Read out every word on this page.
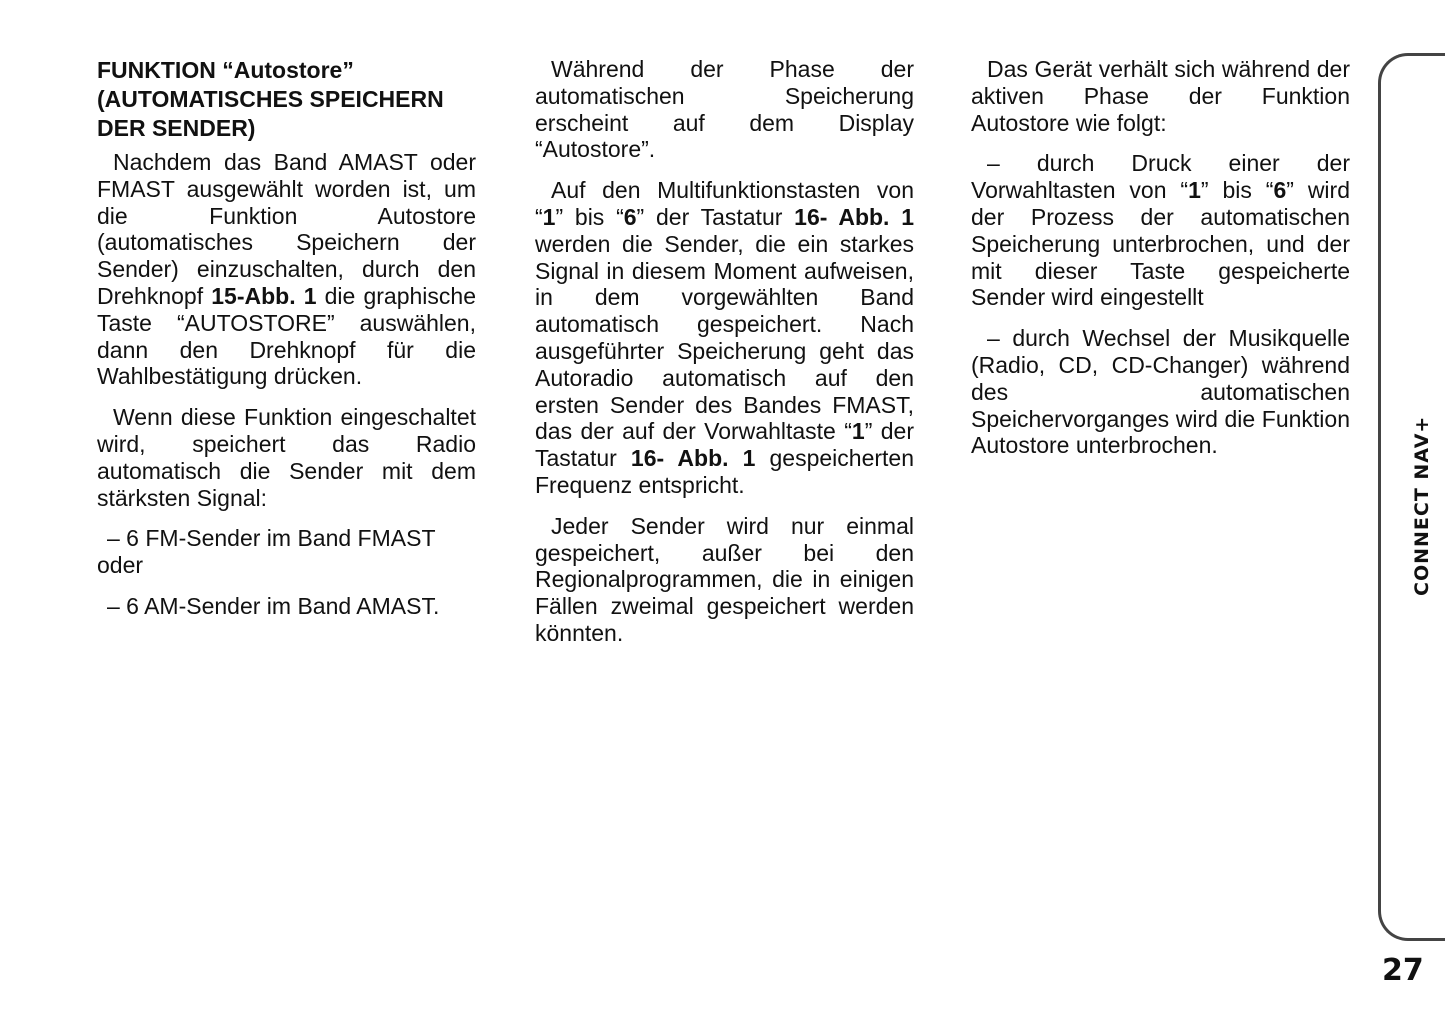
FUNKTION “Autostore” (AUTOMATISCHES SPEICHERN DER SENDER)

Nachdem das Band AMAST oder FMAST ausgewählt worden ist, um die Funktion Autostore (automatisches Speichern der Sender) einzuschalten, durch den Drehknopf 15-Abb. 1 die graphische Taste “AUTOSTORE” auswählen, dann den Drehknopf für die Wahlbestätigung drücken.

Wenn diese Funktion eingeschaltet wird, speichert das Radio automatisch die Sender mit dem stärksten Signal:

– 6 FM-Sender im Band FMAST oder

– 6 AM-Sender im Band AMAST.

Während der Phase der automatischen Speicherung erscheint auf dem Display “Autostore”.

Auf den Multifunktionstasten von “1” bis “6” der Tastatur 16- Abb. 1 werden die Sender, die ein starkes Signal in diesem Moment aufweisen, in dem vorgewählten Band automatisch gespeichert. Nach ausgeführter Speicherung geht das Autoradio automatisch auf den ersten Sender des Bandes FMAST, das der auf der Vorwahltaste “1” der Tastatur 16- Abb. 1 gespeicherten Frequenz entspricht.

Jeder Sender wird nur einmal gespeichert, außer bei den Regionalprogrammen, die in einigen Fällen zweimal gespeichert werden könnten.

Das Gerät verhält sich während der aktiven Phase der Funktion Autostore wie folgt:

– durch Druck einer der Vorwahltasten von “1” bis “6” wird der Prozess der automatischen Speicherung unterbrochen, und der mit dieser Taste gespeicherte Sender wird eingestellt

– durch Wechsel der Musikquelle (Radio, CD, CD-Changer) während des automatischen Speichervorganges wird die Funktion Autostore unterbrochen.	CONNECT NAV+
27
